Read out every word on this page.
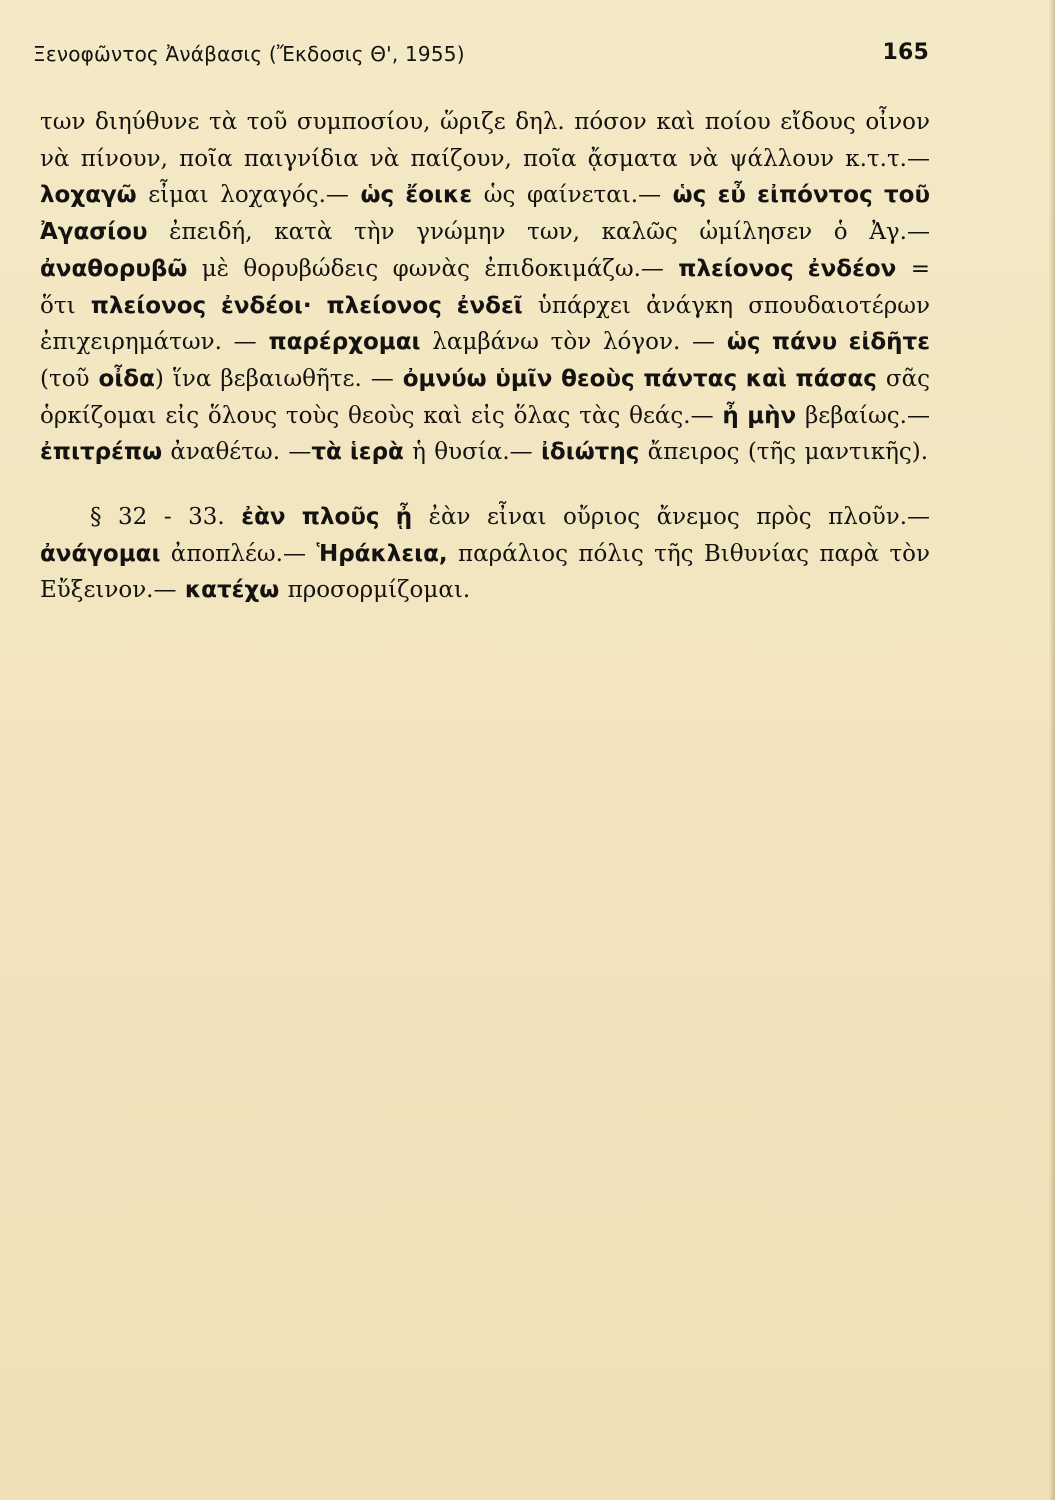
Ξενοφῶντος Ἀνάβασις (Ἔκδοσις Θ', 1955)	165

των διηύθυνε τὰ τοῦ συμποσίου, ὥριζε δηλ. πόσον καὶ ποίου εἴδους οἶνον νὰ πίνουν, ποῖα παιγνίδια νὰ παίζουν, ποῖα ᾄσματα νὰ ψάλλουν κ.τ.τ.— λοχαγῶ εἶμαι λοχαγός.— ὡς ἔοικε ὡς φαίνεται.— ὡς εὖ εἰπόντος τοῦ Ἀγασίου ἐπειδή, κατὰ τὴν γνώμην των, καλῶς ὡμίλησεν ὁ Ἀγ.— ἀναθορυβῶ μὲ θορυβώδεις φωνὰς ἐπιδοκιμάζω.— πλείονος ἐνδέον = ὅτι πλείονος ἐνδέοι· πλείονος ἐνδεῖ ὑπάρχει ἀνάγκη σπουδαιοτέρων ἐπιχειρημάτων. — παρέρχομαι λαμβάνω τὸν λόγον. — ὡς πάνυ εἰδῆτε (τοῦ οἶδα) ἵνα βεβαιωθῆτε. — ὀμνύω ὑμῖν θεοὺς πάντας καὶ πάσας σᾶς ὁρκίζομαι εἰς ὅλους τοὺς θεοὺς καὶ εἰς ὅλας τὰς θεάς.— ἦ μὴν βεβαίως.—ἐπιτρέπω ἀναθέτω. —τὰ ἱερὰ ἡ θυσία.— ἰδιώτης ἄπειρος (τῆς μαντικῆς).

§ 32 - 33. ἐὰν πλοῦς ᾖ ἐὰν εἶναι οὔριος ἄνεμος πρὸς πλοῦν.— ἀνάγομαι ἀποπλέω.— Ἡράκλεια, παράλιος πόλις τῆς Βιθυνίας παρὰ τὸν Εὔξεινον.— κατέχω προσορμίζομαι.
